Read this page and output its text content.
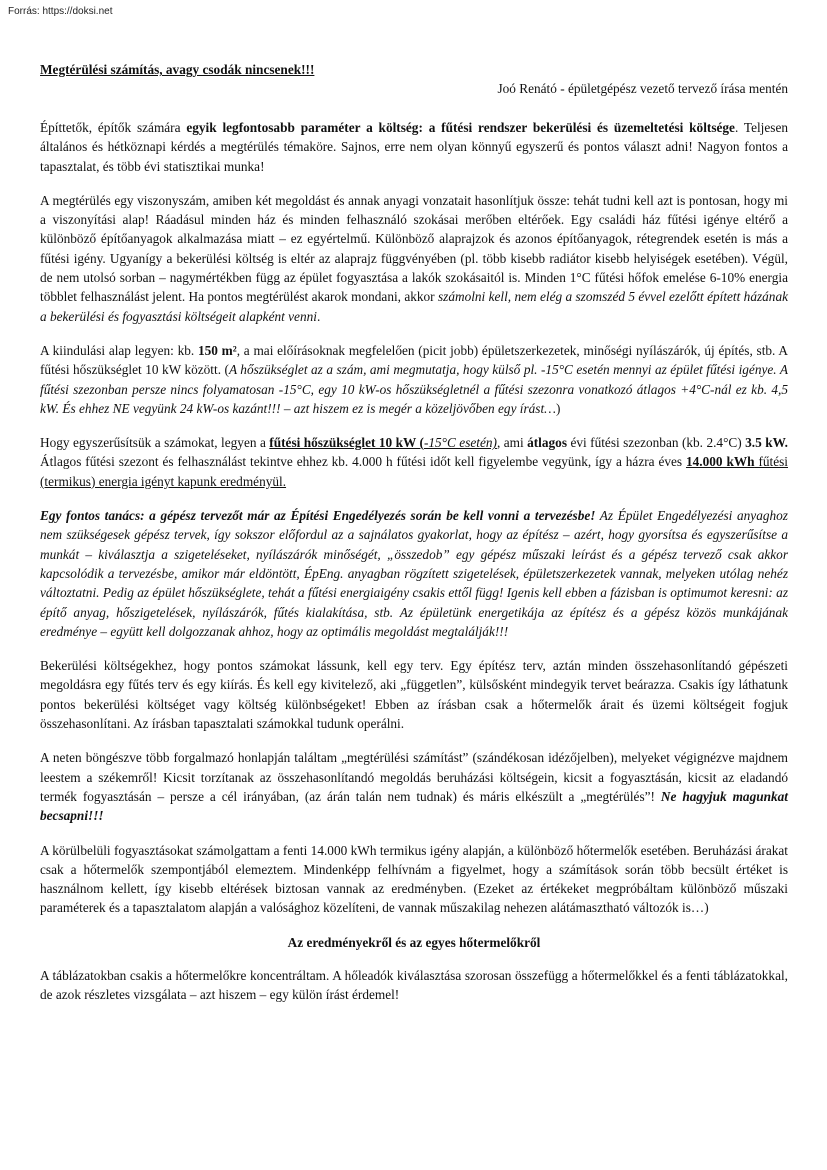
Forrás: https://doksi.net
Megtérülési számítás, avagy csodák nincsenek!!!
Joó Renátó - épületgépész vezető tervező írása mentén

Építtetők, építők számára egyik legfontosabb paraméter a költség: a fűtési rendszer bekerülési és üzemeltetési költsége. Teljesen általános és hétköznapi kérdés a megtérülés témaköre. Sajnos, erre nem olyan könnyű egyszerű és pontos választ adni! Nagyon fontos a tapasztalat, és több évi statisztikai munka!

A megtérülés egy viszonyszám, amiben két megoldást és annak anyagi vonzatait hasonlítjuk össze: tehát tudni kell azt is pontosan, hogy mi a viszonyítási alap! Ráadásul minden ház és minden felhasználó szokásai merőben eltérőek. Egy családi ház fűtési igénye eltérő a különböző építőanyagok alkalmazása miatt – ez egyértelmű. Különböző alaprajzok és azonos építőanyagok, rétegrendek esetén is más a fűtési igény. Ugyanígy a bekerülési költség is eltér az alaprajz függvényében (pl. több kisebb radiátor kisebb helyiségek esetében). Végül, de nem utolsó sorban – nagymértékben függ az épület fogyasztása a lakók szokásaitól is. Minden 1°C fűtési hőfok emelése 6-10% energia többlet felhasználást jelent. Ha pontos megtérülést akarok mondani, akkor számolni kell, nem elég a szomszéd 5 évvel ezelőtt épített házának a bekerülési és fogyasztási költségeit alapként venni.

A kiindulási alap legyen: kb. 150 m², a mai előírásoknak megfelelően (picit jobb) épületszerkezetek, minőségi nyílászárók, új építés, stb. A fűtési hőszükséglet 10 kW között. (A hőszükséglet az a szám, ami megmutatja, hogy külső pl. -15°C esetén mennyi az épület fűtési igénye. A fűtési szezonban persze nincs folyamatosan -15°C, egy 10 kW-os hőszükségletnél a fűtési szezonra vonatkozó átlagos +4°C-nál ez kb. 4,5 kW. És ehhez NE vegyünk 24 kW-os kazánt!!! – azt hiszem ez is megér a közeljövőben egy írást…)

Hogy egyszerűsítsük a számokat, legyen a fűtési hőszükséglet 10 kW (-15°C esetén), ami átlagos évi fűtési szezonban (kb. 2.4°C) 3.5 kW. Átlagos fűtési szezont és felhasználást tekintve ehhez kb. 4.000 h fűtési időt kell figyelembe vegyünk, így a házra éves 14.000 kWh fűtési (termikus) energia igényt kapunk eredményül.

Egy fontos tanács: a gépész tervezőt már az Építési Engedélyezés során be kell vonni a tervezésbe! Az Épület Engedélyezési anyaghoz nem szükségesek gépész tervek, így sokszor előfordul az a sajnálatos gyakorlat, hogy az építész – azért, hogy gyorsítsa és egyszerűsítse a munkát – kiválasztja a szigeteléseket, nyílászárók minőségét, „összedob” egy gépész műszaki leírást és a gépész tervező csak akkor kapcsolódik a tervezésbe, amikor már eldöntött, ÉpEng. anyagban rögzített szigetelések, épületszerkezetek vannak, melyeken utólag nehéz változtatni. Pedig az épület hőszükséglete, tehát a fűtési energiaigény csakis ettől függ! Igenis kell ebben a fázisban is optimumot keresni: az építő anyag, hőszigetelések, nyílászárók, fűtés kialakítása, stb. Az épületünk energetikája az építész és a gépész közös munkájának eredménye – együtt kell dolgozzanak ahhoz, hogy az optimális megoldást megtalálják!!!

Bekerülési költségekhez, hogy pontos számokat lássunk, kell egy terv. Egy építész terv, aztán minden összehasonlítandó gépészeti megoldásra egy fűtés terv és egy kiírás. És kell egy kivitelező, aki „független”, külsősként mindegyik tervet beárazza. Csakis így láthatunk pontos bekerülési költséget vagy költség különbségeket! Ebben az írásban csak a hőtermelők árait és üzemi költségeit fogjuk összehasonlítani. Az írásban tapasztalati számokkal tudunk operálni.

A neten böngészve több forgalmazó honlapján találtam „megtérülési számítást” (szándékosan idézőjelben), melyeket végignézve majdnem leestem a székemről! Kicsit torzítanak az összehasonlítandó megoldás beruházási költségein, kicsit a fogyasztásán, kicsit az eladandó termék fogyasztásán – persze a cél irányában, (az árán talán nem tudnak) és máris elkészült a „megtérülés”! Ne hagyjuk magunkat becsapni!!!

A körülbelüli fogyasztásokat számolgattam a fenti 14.000 kWh termikus igény alapján, a különböző hőtermelők esetében. Beruházási árakat csak a hőtermelők szempontjából elemeztem. Mindenképp felhívnám a figyelmet, hogy a számítások során több becsült értéket is használnom kellett, így kisebb eltérések biztosan vannak az eredményben. (Ezeket az értékeket megpróbáltam különböző műszaki paraméterek és a tapasztalatom alapján a valósághoz közelíteni, de vannak műszakilag nehezen alátámasztható változók is…)

Az eredményekről és az egyes hőtermelőkről

A táblázatokban csakis a hőtermelőkre koncentráltam. A hőleadók kiválasztása szorosan összefügg a hőtermelőkkel és a fenti táblázatokkal, de azok részletes vizsgálata – azt hiszem – egy külön írást érdemel!
